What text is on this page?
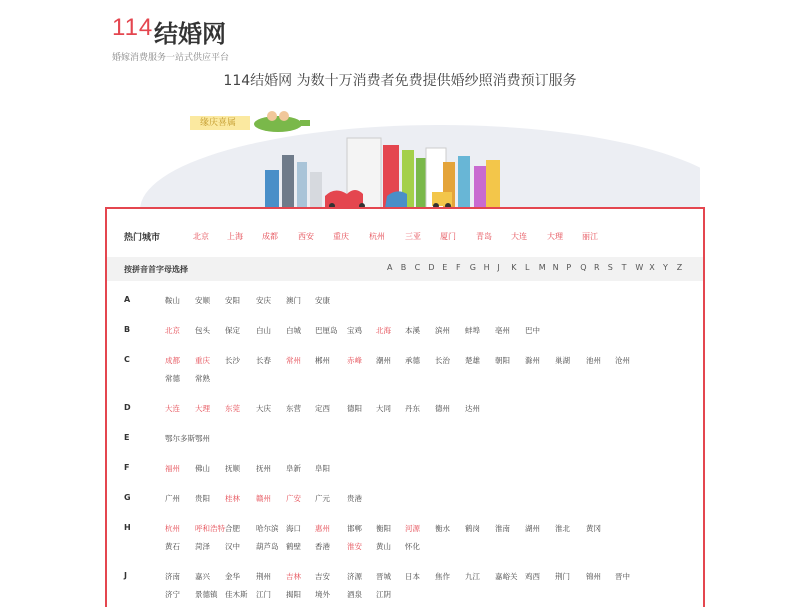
114 结婚网
婚嫁消费服务一站式供应平台
114结婚网 为数十万消费者免费提供婚纱照消费预订服务
缘庆喜属
热门城市	北京 上海 成都	西安 重庆	杭州	三亚 厦门	青岛 大连	大理 丽江
按拼音首字母选择	A B C D E F G H J K L M N P Q R S T W X Y Z
A	鞍山 安顺 安阳 安庆 澳门 安康
B	北京 包头 保定 白山 白城 巴厘岛 宝鸡 北海 本溪 滨州 蚌埠 亳州 巴中
C	成都 重庆 长沙 长春 常州 郴州 赤峰 潮州 承德 长治 楚雄 朝阳 滁州 巢湖 池州 沧州
常德 常熟
D	大连 大理 东莞 大庆 东营 定西 德阳 大同 丹东 德州 达州
E	鄂尔多斯 鄂州
F	福州 佛山 抚顺 抚州 阜新 阜阳
G	广州 贵阳 桂林 赣州 广安 广元 贵港
H	杭州 呼和浩特 合肥 哈尔滨 海口 惠州 邯郸 衡阳 河源 衡水 鹤岗 淮南 湖州 淮北 黄冈
黄石 菏泽 汉中 葫芦岛 鹤壁 香港 淮安 黄山 怀化
J	济南 嘉兴 金华 荆州 吉林 吉安 济源 晋城 日本 焦作 九江 嘉峪关 鸡西 荆门 锦州 晋中
济宁 景德镇 佳木斯 江门 揭阳 境外 酒泉 江阴
